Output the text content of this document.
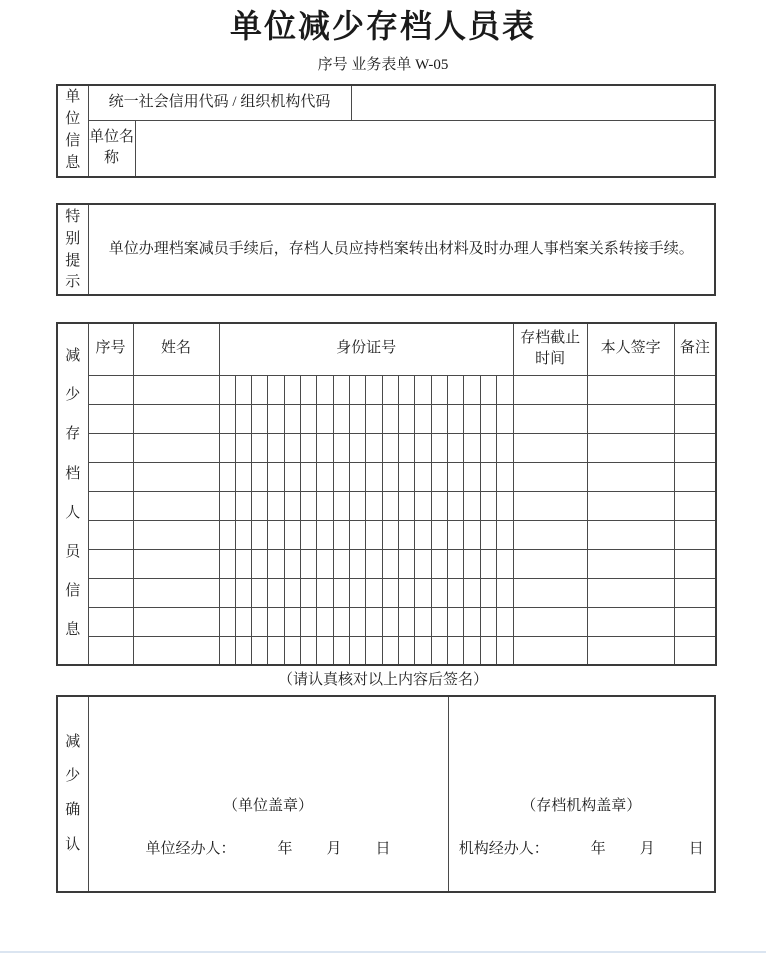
单位减少存档人员表
序号 业务表单 W-05
单
位
信
息	统一社会信用代码 / 组织机构代码		
	单位名称		
特
别
提
示
	单位办理档案减员手续后，存档人员应持档案转出材料及时办理人事档案关系转接手续。
减
少
存
档
人
员
信
息
	序号	姓名	身份证号	存档截止时间	本人签字	备注

（请认真核对以上内容后签名）
减
少
确
认

（单位盖章）
单位经办人：	年 月 日

（存档机构盖章）
机构经办人：	年 月 日
